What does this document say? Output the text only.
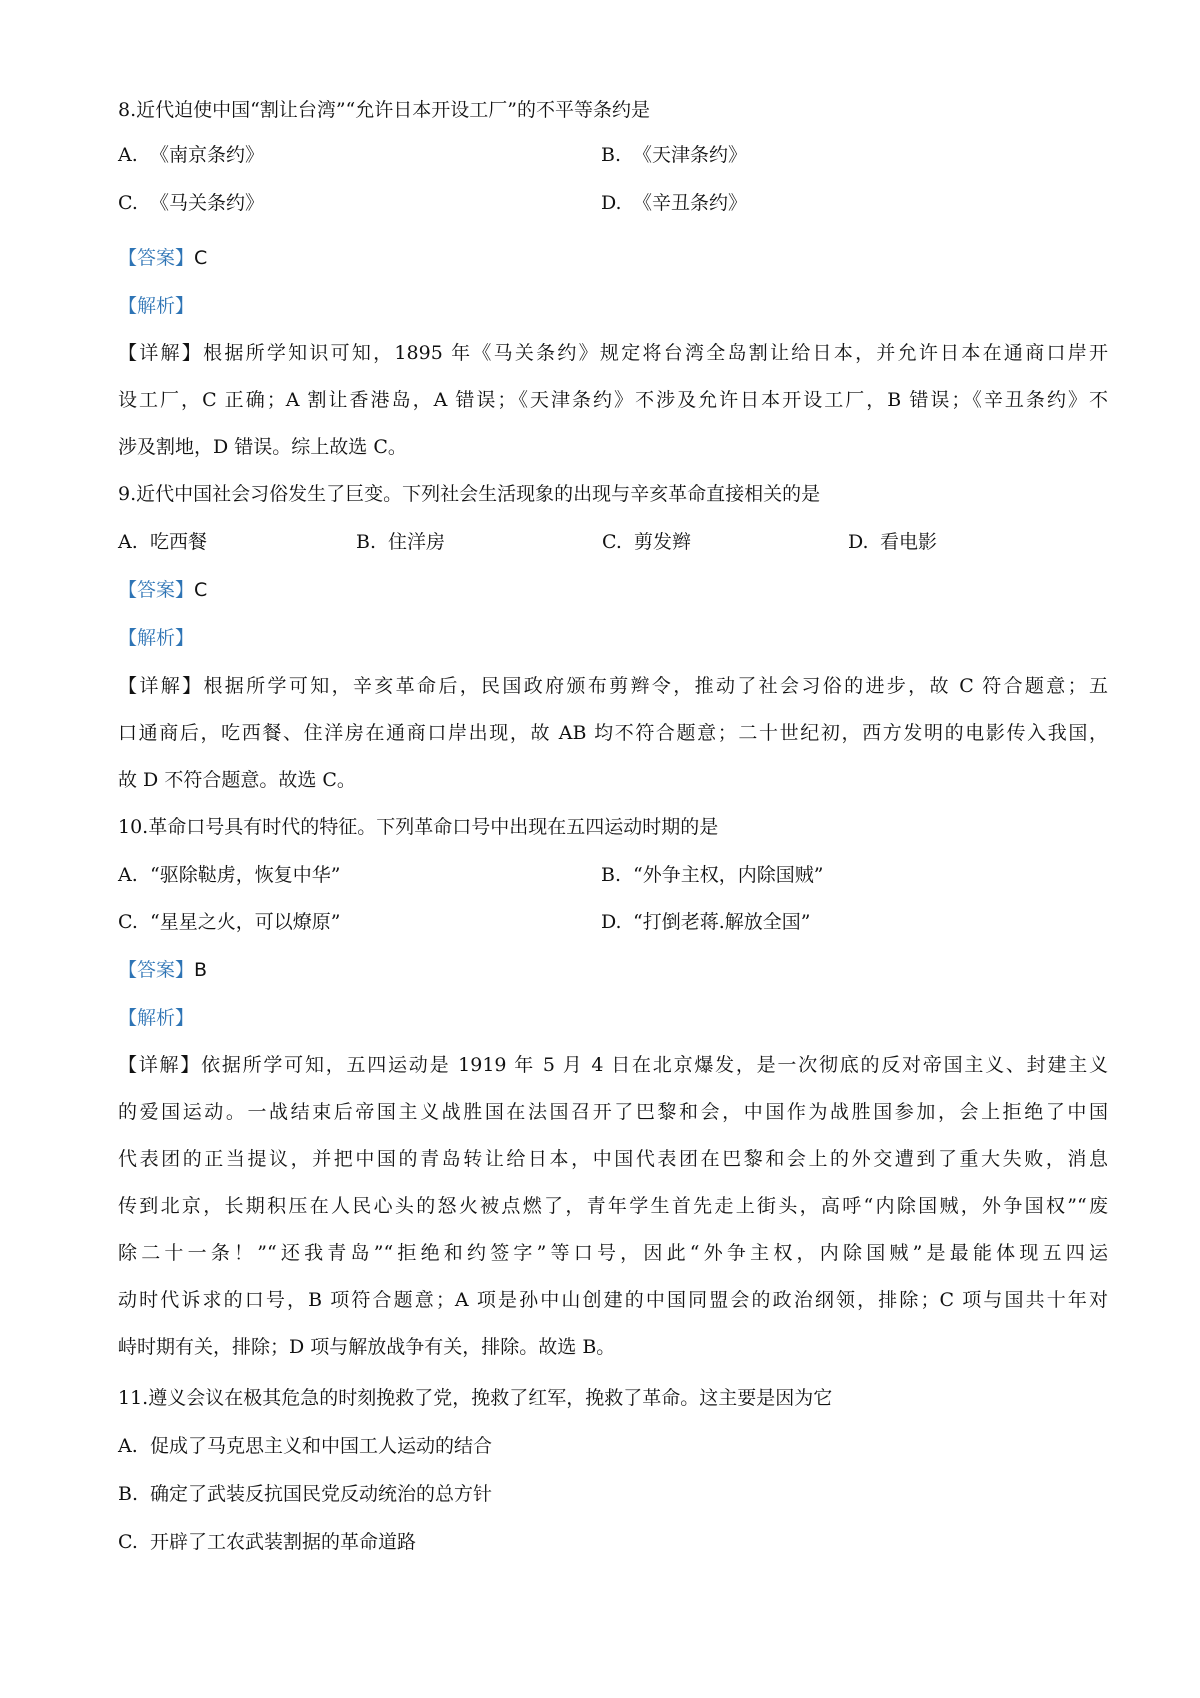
8.近代迫使中国“割让台湾”“允许日本开设工厂”的不平等条约是
A. 《南京条约》	B. 《天津条约》
C. 《马关条约》	D. 《辛丑条约》
【答案】C
【解析】
【详解】根据所学知识可知，1895 年《马关条约》规定将台湾全岛割让给日本，并允许日本在通商口岸开
设工厂，C 正确；A 割让香港岛，A 错误；《天津条约》不涉及允许日本开设工厂，B 错误；《辛丑条约》不
涉及割地，D 错误。综上故选 C。
9.近代中国社会习俗发生了巨变。下列社会生活现象的出现与辛亥革命直接相关的是
A. 吃西餐	B. 住洋房	C. 剪发辫	D. 看电影
【答案】C
【解析】
【详解】根据所学可知，辛亥革命后，民国政府颁布剪辫令，推动了社会习俗的进步，故 C 符合题意；五
口通商后，吃西餐、住洋房在通商口岸出现，故 AB 均不符合题意；二十世纪初，西方发明的电影传入我国，
故 D 不符合题意。故选 C。
10.革命口号具有时代的特征。下列革命口号中出现在五四运动时期的是
A. “驱除鞑虏，恢复中华”	B. “外争主权，内除国贼”
C. “星星之火，可以燎原”	D. “打倒老蒋.解放全国”
【答案】B
【解析】
【详解】依据所学可知，五四运动是 1919 年 5 月 4 日在北京爆发，是一次彻底的反对帝国主义、封建主义
的爱国运动。一战结束后帝国主义战胜国在法国召开了巴黎和会，中国作为战胜国参加，会上拒绝了中国
代表团的正当提议，并把中国的青岛转让给日本，中国代表团在巴黎和会上的外交遭到了重大失败，消息
传到北京，长期积压在人民心头的怒火被点燃了，青年学生首先走上街头，高呼“内除国贼，外争国权”“废
除二十一条！”“还我青岛”“拒绝和约签字”等口号，因此“外争主权，内除国贼”是最能体现五四运
动时代诉求的口号，B 项符合题意；A 项是孙中山创建的中国同盟会的政治纲领，排除；C 项与国共十年对
峙时期有关，排除；D 项与解放战争有关，排除。故选 B。
11.遵义会议在极其危急的时刻挽救了党，挽救了红军，挽救了革命。这主要是因为它
A. 促成了马克思主义和中国工人运动的结合
B. 确定了武装反抗国民党反动统治的总方针
C. 开辟了工农武装割据的革命道路
